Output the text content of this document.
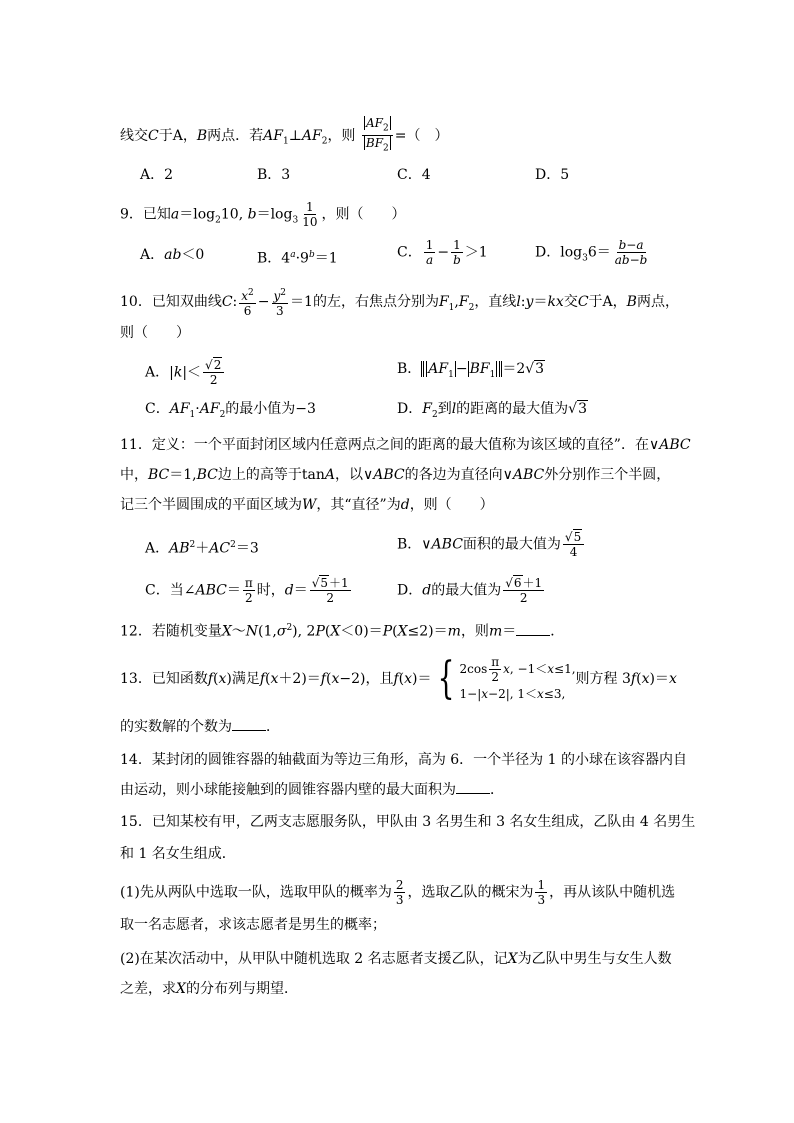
线交C于A，B两点．若$AF_1\perp AF_2$，则 $\frac{AF_2}{BF_2}$ =（　）
A．2	B．3	C．4	D．5
9．已知$a=\log_210$, $b=\log_3 \frac{1}{10}$ ，则（　　）
A．ab＜0	B．$4^a\cdot 9^b=1$	C． $\frac{1}{a} - \frac{1}{b} >1$	D．$\log_36= \frac{b-a}{ab-b}$
10．已知双曲线C: $\frac{x^2}{6} - \frac{y^2}{3} =1$的左，右焦点分别为$F_1,F_2$，直线l:y＝kx交C于A，B两点，
则（　　）
A．$|k|< \frac{√2}{2}$	B． $AF_1 - BF_1 =2√3$
C．$AF_1\cdot AF_2$的最小值为−3	D．$F_2$到l的距离的最大值为√3
11．定义：一个平面封闭区域内任意两点之间的距离的最大值称为该区域的直径”．在∨ABC
中，BC＝1,BC边上的高等于tanA，以∨ABC的各边为直径向∨ABC外分别作三个半圆，
记三个半圆围成的平面区域为W，其“直径”为d，则（　　）
A．$AB^2+AC^2=3$	B．∨ABC面积的最大值为 $\frac{√5}{4}$
C．当∠ABC＝ $\frac{\pi}{2}$ 时，$d= \frac{√5+1}{2}$	D．d的最大值为 $\frac{√6+1}{2}$
12．若随机变量$X\sim N(1,\sigma^2)$, 2P(X＜0)＝P(X≤2)＝m，则m＝ ．
13．已知函数 f ( x )满足 f ( x ＋2)＝ f ( x −2)，且 f ( x )＝ { $2\cos \frac{\pi}{2} x$, −1＜x≤1,
1−|x−2|, 1＜x≤3,
则方程 3 f ( x )＝ x
的实数解的个数为 ．
14．某封闭的圆锥容器的轴截面为等边三角形，高为 6．一个半径为 1 的小球在该容器内自
由运动，则小球能接触到的圆锥容器内壁的最大面积为 ．
15．已知某校有甲，乙两支志愿服务队，甲队由 3 名男生和 3 名女生组成，乙队由 4 名男生
和 1 名女生组成．
(1)先从两队中选取一队，选取甲队的概率为 $\frac{2}{3}$ ，选取乙队的概宋为 $\frac{1}{3}$ ，再从该队中随机选
取一名志愿者，求该志愿者是男生的概率；
(2)在某次活动中，从甲队中随机选取 2 名志愿者支援乙队，记X为乙队中男生与女生人数
之差，求X的分布列与期望．
